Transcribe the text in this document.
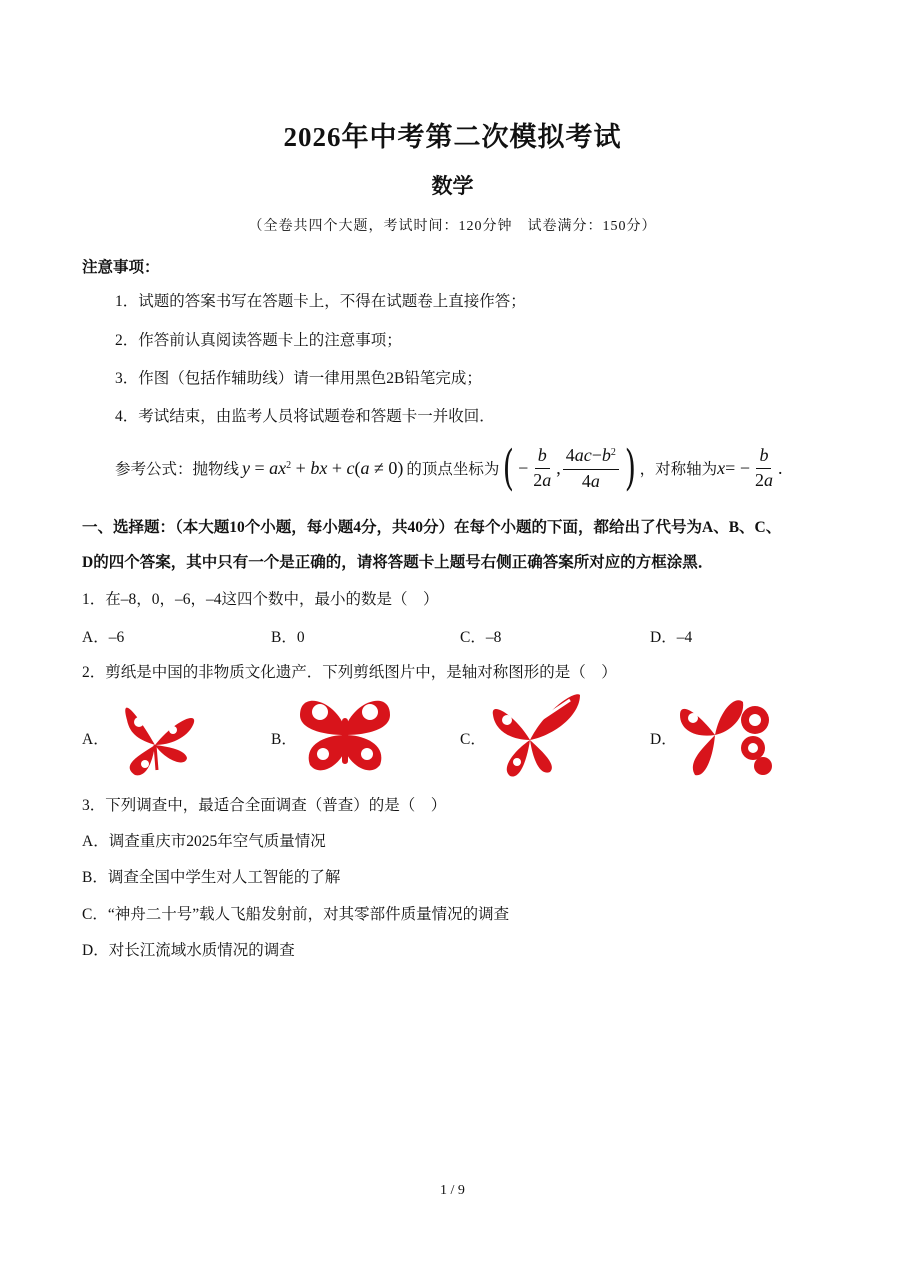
2026年中考第二次模拟考试
数学
（全卷共四个大题，考试时间：120分钟　试卷满分：150分）
注意事项：
1．试题的答案书写在答题卡上，不得在试题卷上直接作答；
2．作答前认真阅读答题卡上的注意事项；
3．作图（包括作辅助线）请一律用黑色2B铅笔完成；
4．考试结束，由监考人员将试题卷和答题卡一并收回．
参考公式：抛物线 $y = ax^2$ + bx + c(a ≠ 0) 的顶点坐标为 ( − $\frac{b}{2a}$ , $\frac{4ac-b^2}{4a}$ ) ，对称轴为 x = − $\frac{b}{2a}$ .
一、选择题：（本大题10个小题，每小题4分，共40分）在每个小题的下面，都给出了代号为A、B、C、
D的四个答案，其中只有一个是正确的，请将答题卡上题号右侧正确答案所对应的方框涂黑．
1．在–8，0，–6，–4这四个数中，最小的数是（　）
A．–6	B．0	C．–8	D．–4
2．剪纸是中国的非物质文化遗产．下列剪纸图片中，是轴对称图形的是（　）
A．	B．	C．	D．
3．下列调查中，最适合全面调查（普查）的是（　）
A．调查重庆市2025年空气质量情况
B．调查全国中学生对人工智能的了解
C．“神舟二十号”载人飞船发射前，对其零部件质量情况的调查
D．对长江流域水质情况的调查
1 / 9
